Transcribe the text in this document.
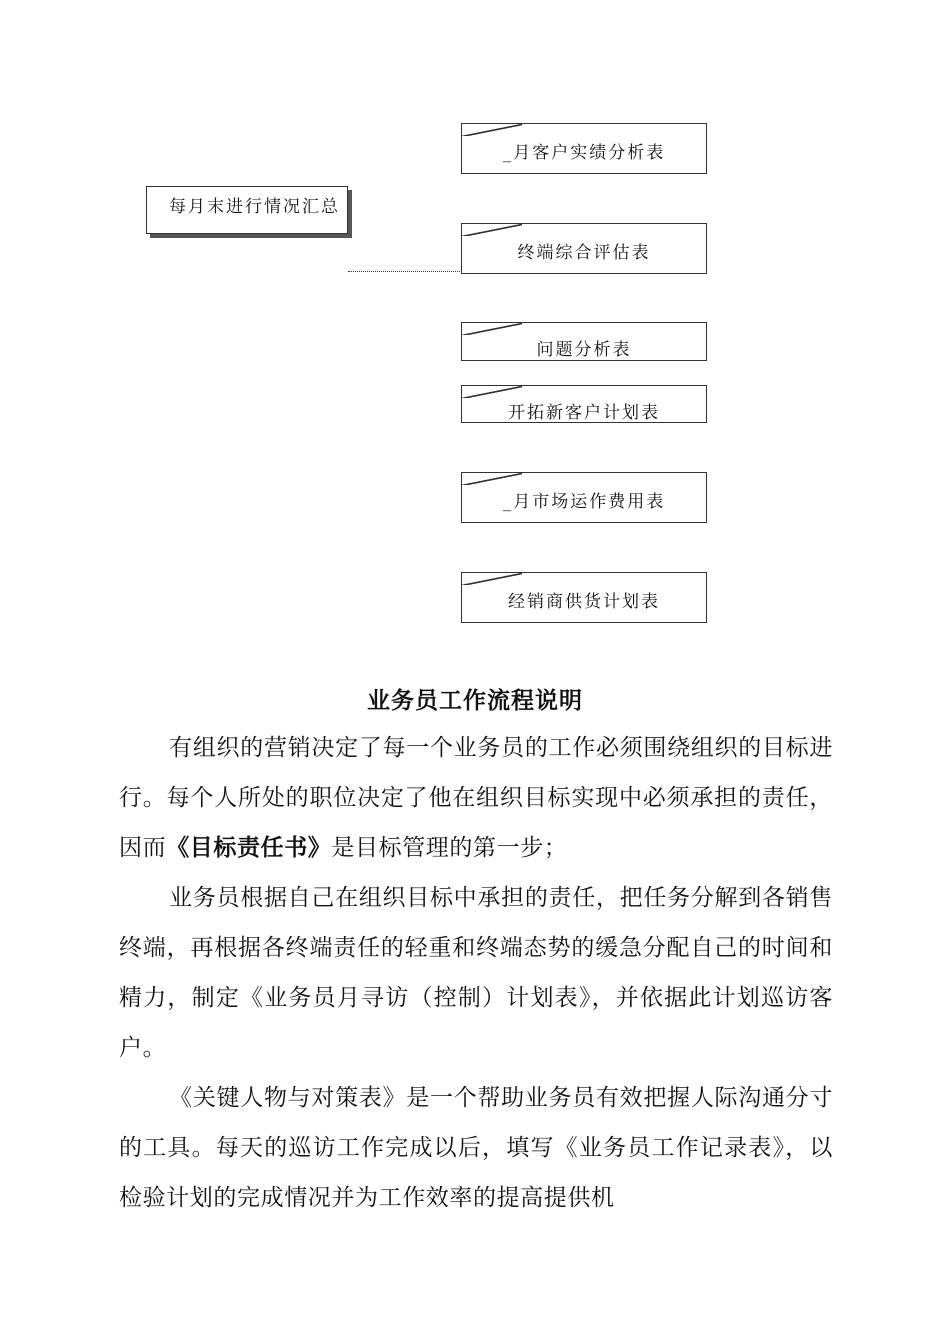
每月末进行情况汇总
_月客户实绩分析表
终端综合评估表
问题分析表
开拓新客户计划表
_月市场运作费用表
经销商供货计划表
业务员工作流程说明

有组织的营销决定了每一个业务员的工作必须围绕组织的目标进行。每个人所处的职位决定了他在组织目标实现中必须承担的责任，因而《目标责任书》是目标管理的第一步；

业务员根据自己在组织目标中承担的责任，把任务分解到各销售终端，再根据各终端责任的轻重和终端态势的缓急分配自己的时间和精力，制定《业务员月寻访（控制）计划表》，并依据此计划巡访客户。

《关键人物与对策表》是一个帮助业务员有效把握人际沟通分寸的工具。每天的巡访工作完成以后，填写《业务员工作记录表》，以检验计划的完成情况并为工作效率的提高提供机
